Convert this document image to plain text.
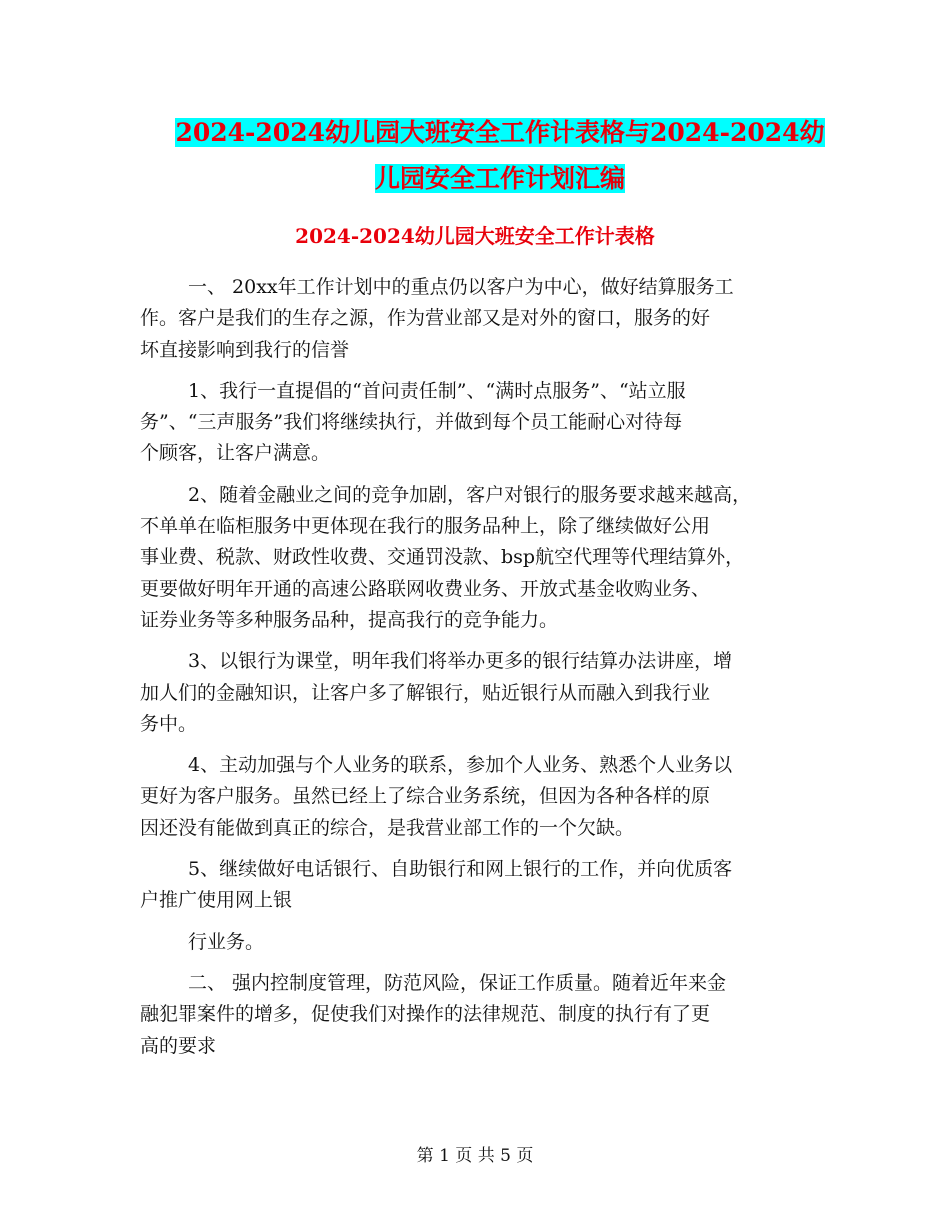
2024-2024幼儿园大班安全工作计表格与2024-2024幼
儿园安全工作计划汇编
2024-2024幼儿园大班安全工作计表格
一、 20xx年工作计划中的重点仍以客户为中心，做好结算服务工
作。客户是我们的生存之源，作为营业部又是对外的窗口，服务的好
坏直接影响到我行的信誉
1、我行一直提倡的“首问责任制”、“满时点服务”、“站立服
务”、“三声服务”我们将继续执行，并做到每个员工能耐心对待每
个顾客，让客户满意。
2、随着金融业之间的竞争加剧，客户对银行的服务要求越来越高，
不单单在临柜服务中更体现在我行的服务品种上，除了继续做好公用
事业费、税款、财政性收费、交通罚没款、bsp航空代理等代理结算外，
更要做好明年开通的高速公路联网收费业务、开放式基金收购业务、
证券业务等多种服务品种，提高我行的竞争能力。
3、以银行为课堂，明年我们将举办更多的银行结算办法讲座，增
加人们的金融知识，让客户多了解银行，贴近银行从而融入到我行业
务中。
4、主动加强与个人业务的联系，参加个人业务、熟悉个人业务以
更好为客户服务。虽然已经上了综合业务系统，但因为各种各样的原
因还没有能做到真正的综合，是我营业部工作的一个欠缺。
5、继续做好电话银行、自助银行和网上银行的工作，并向优质客
户推广使用网上银
行业务。
二、 强内控制度管理，防范风险，保证工作质量。随着近年来金
融犯罪案件的增多，促使我们对操作的法律规范、制度的执行有了更
高的要求
第 1 页 共 5 页
